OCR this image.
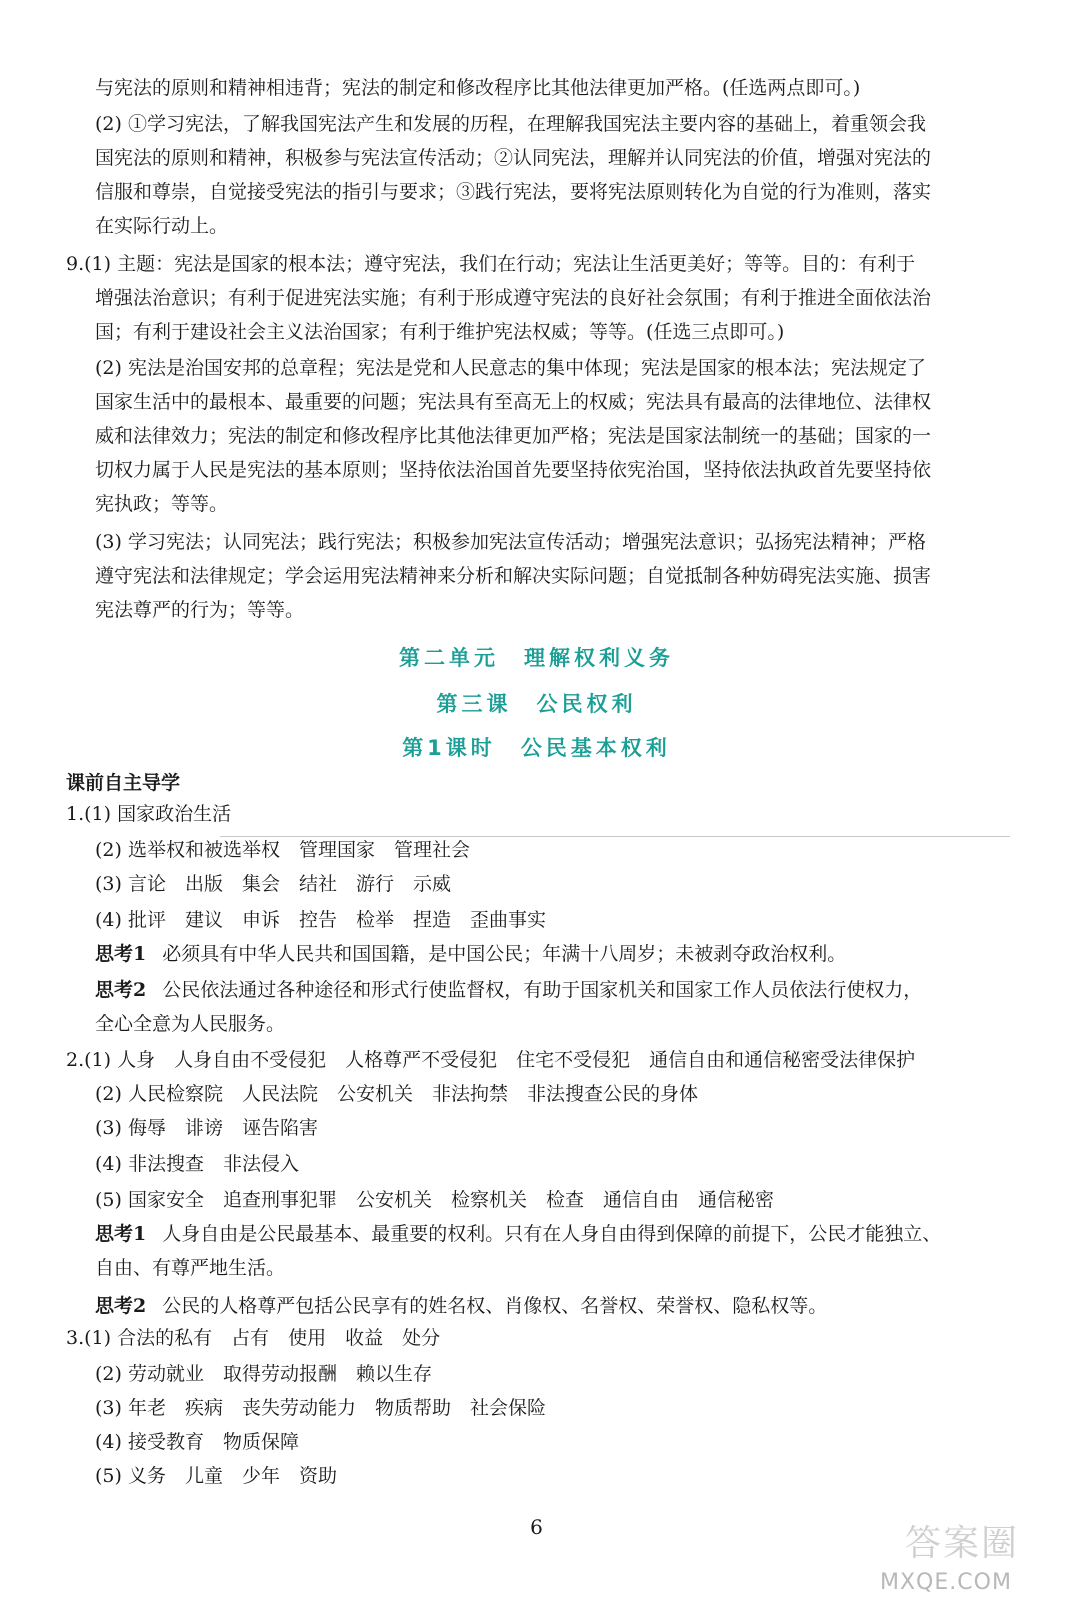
与宪法的原则和精神相违背；宪法的制定和修改程序比其他法律更加严格。(任选两点即可。)
(2) ①学习宪法，了解我国宪法产生和发展的历程，在理解我国宪法主要内容的基础上，着重领会我
国宪法的原则和精神，积极参与宪法宣传活动；②认同宪法，理解并认同宪法的价值，增强对宪法的
信服和尊崇，自觉接受宪法的指引与要求；③践行宪法，要将宪法原则转化为自觉的行为准则，落实
在实际行动上。
9.(1) 主题：宪法是国家的根本法；遵守宪法，我们在行动；宪法让生活更美好；等等。目的：有利于
增强法治意识；有利于促进宪法实施；有利于形成遵守宪法的良好社会氛围；有利于推进全面依法治
国；有利于建设社会主义法治国家；有利于维护宪法权威；等等。(任选三点即可。)
(2) 宪法是治国安邦的总章程；宪法是党和人民意志的集中体现；宪法是国家的根本法；宪法规定了
国家生活中的最根本、最重要的问题；宪法具有至高无上的权威；宪法具有最高的法律地位、法律权
威和法律效力；宪法的制定和修改程序比其他法律更加严格；宪法是国家法制统一的基础；国家的一
切权力属于人民是宪法的基本原则；坚持依法治国首先要坚持依宪治国，坚持依法执政首先要坚持依
宪执政；等等。
(3) 学习宪法；认同宪法；践行宪法；积极参加宪法宣传活动；增强宪法意识；弘扬宪法精神；严格
遵守宪法和法律规定；学会运用宪法精神来分析和解决实际问题；自觉抵制各种妨碍宪法实施、损害
宪法尊严的行为；等等。
第二单元　理解权利义务
第三课　公民权利
第1课时　公民基本权利
课前自主导学
1.(1) 国家政治生活
(2) 选举权和被选举权　管理国家　管理社会
(3) 言论　出版　集会　结社　游行　示威
(4) 批评　建议　申诉　控告　检举　捏造　歪曲事实
思考1 必须具有中华人民共和国国籍，是中国公民；年满十八周岁；未被剥夺政治权利。
思考2 公民依法通过各种途径和形式行使监督权，有助于国家机关和国家工作人员依法行使权力，
全心全意为人民服务。
2.(1) 人身　人身自由不受侵犯　人格尊严不受侵犯　住宅不受侵犯　通信自由和通信秘密受法律保护
(2) 人民检察院　人民法院　公安机关　非法拘禁　非法搜查公民的身体
(3) 侮辱　诽谤　诬告陷害
(4) 非法搜查　非法侵入
(5) 国家安全　追查刑事犯罪　公安机关　检察机关　检查　通信自由　通信秘密
思考1 人身自由是公民最基本、最重要的权利。只有在人身自由得到保障的前提下，公民才能独立、
自由、有尊严地生活。
思考2 公民的人格尊严包括公民享有的姓名权、肖像权、名誉权、荣誉权、隐私权等。
3.(1) 合法的私有　占有　使用　收益　处分
(2) 劳动就业　取得劳动报酬　赖以生存
(3) 年老　疾病　丧失劳动能力　物质帮助　社会保险
(4) 接受教育　物质保障
(5) 义务　儿童　少年　资助
6	答案圈
MXQE.COM
